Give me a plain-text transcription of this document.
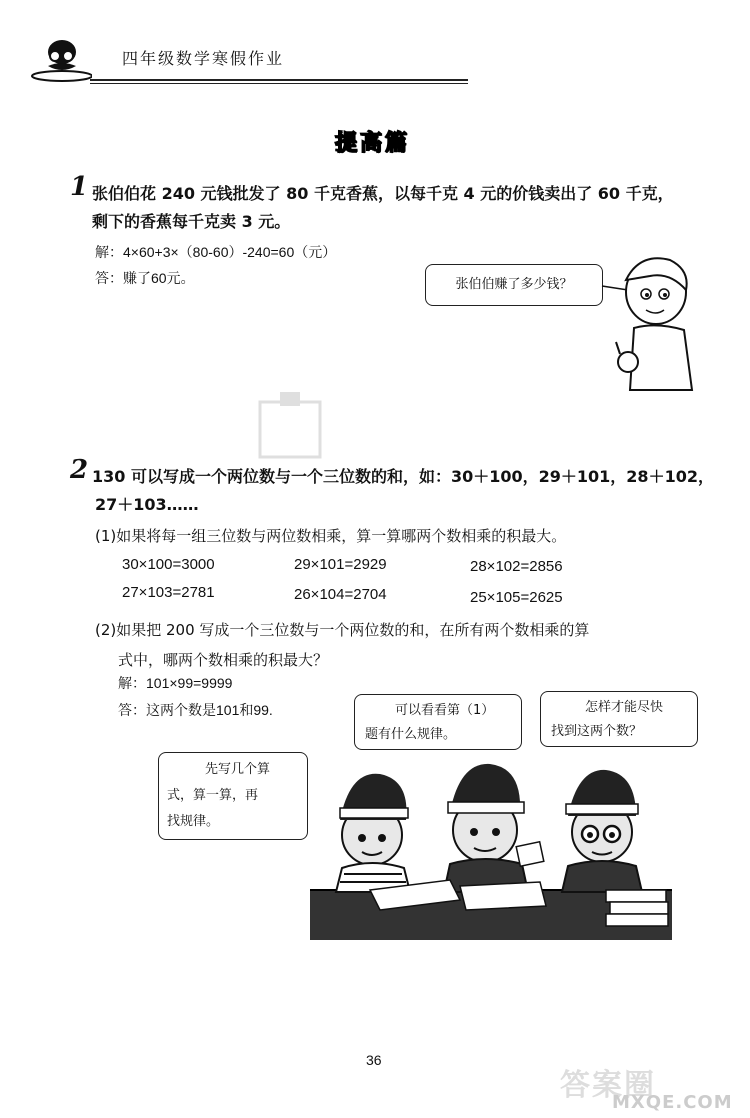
四年级数学寒假作业
提高篇
1 张伯伯花 240 元钱批发了 80 千克香蕉，以每千克 4 元的价钱卖出了 60 千克，
剩下的香蕉每千克卖 3 元。
解：4×60+3×（80-60）-240=60（元）
答：赚了60元。	张伯伯赚了多少钱？
2 130 可以写成一个两位数与一个三位数的和，如：30＋100，29＋101，28＋102，
27＋103……
(1)如果将每一组三位数与两位数相乘，算一算哪两个数相乘的积最大。
30×100=3000	29×101=2929	28×102=2856
27×103=2781	26×104=2704	25×105=2625
(2)如果把 200 写成一个三位数与一个两位数的和，在所有两个数相乘的算
式中，哪两个数相乘的积最大？
解：101×99=9999
答：这两个数是101和99.
先写几个算
式，算一算，再
找规律。
可以看看第（1）
题有什么规律。
怎样才能尽快
找到这两个数？
36
答案圈
MXQE.COM
